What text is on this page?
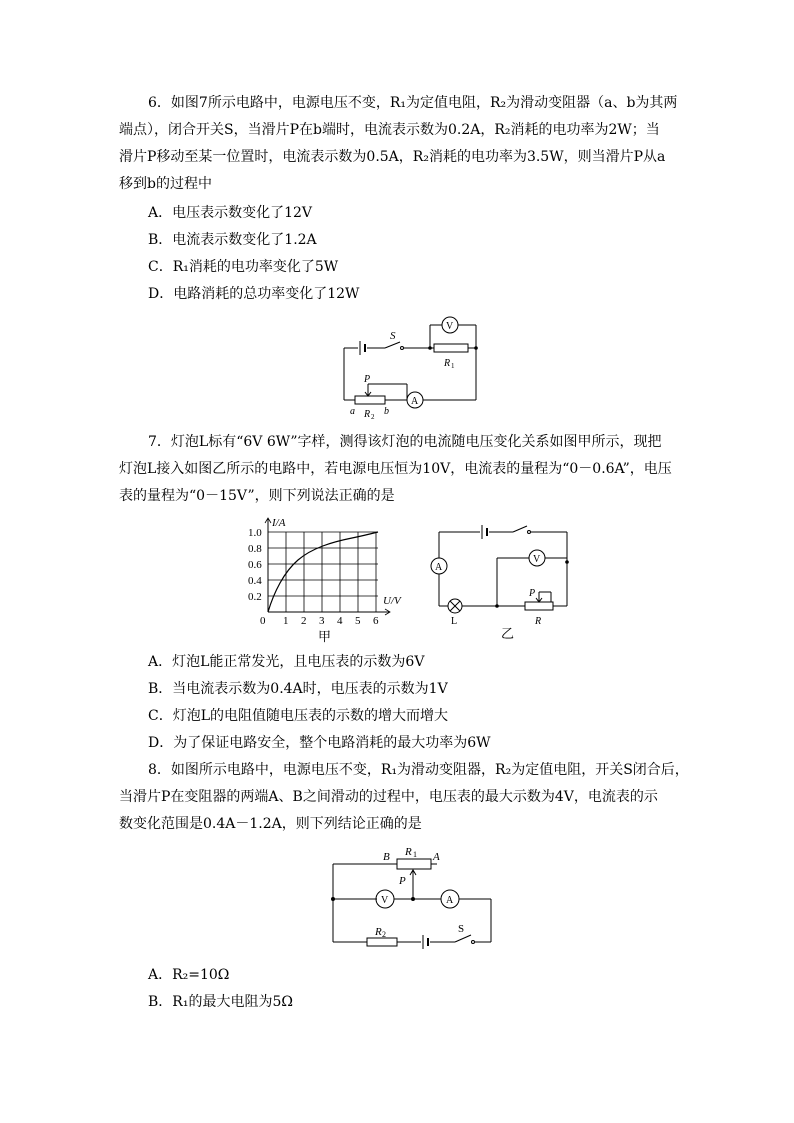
6．如图7所示电路中，电源电压不变，R₁为定值电阻，R₂为滑动变阻器（a、b为其两
端点），闭合开关S，当滑片P在b端时，电流表示数为0.2A，R₂消耗的电功率为2W；当
滑片P移动至某一位置时，电流表示数为0.5A，R₂消耗的电功率为3.5W，则当滑片P从a
移到b的过程中
A．电压表示数变化了12V
B．电流表示数变化了1.2A
C．R₁消耗的电功率变化了5W
D．电路消耗的总功率变化了12W
S
V
R 1
P
a R 2 b
A
7．灯泡L标有“6V 6W”字样，测得该灯泡的电流随电压变化关系如图甲所示，现把
灯泡L接入如图乙所示的电路中，若电源电压恒为10V，电流表的量程为“0－0.6A”，电压
表的量程为“0－15V”，则下列说法正确的是
I/A
U/V
0
0.2
0.4
0.6
0.8
1.0
1 2 3 4 5 6
甲
A
V
L
P
R
乙
A．灯泡L能正常发光，且电压表的示数为6V
B．当电流表示数为0.4A时，电压表的示数为1V
C．灯泡L的电阻值随电压表的示数的增大而增大
D．为了保证电路安全，整个电路消耗的最大功率为6W
8．如图所示电路中，电源电压不变，R₁为滑动变阻器，R₂为定值电阻，开关S闭合后，
当滑片P在变阻器的两端A、B之间滑动的过程中，电压表的最大示数为4V，电流表的示
数变化范围是0.4A－1.2A，则下列结论正确的是
B R 1 A
P
V	A
R 2	S
A．R₂=10Ω
B．R₁的最大电阻为5Ω
